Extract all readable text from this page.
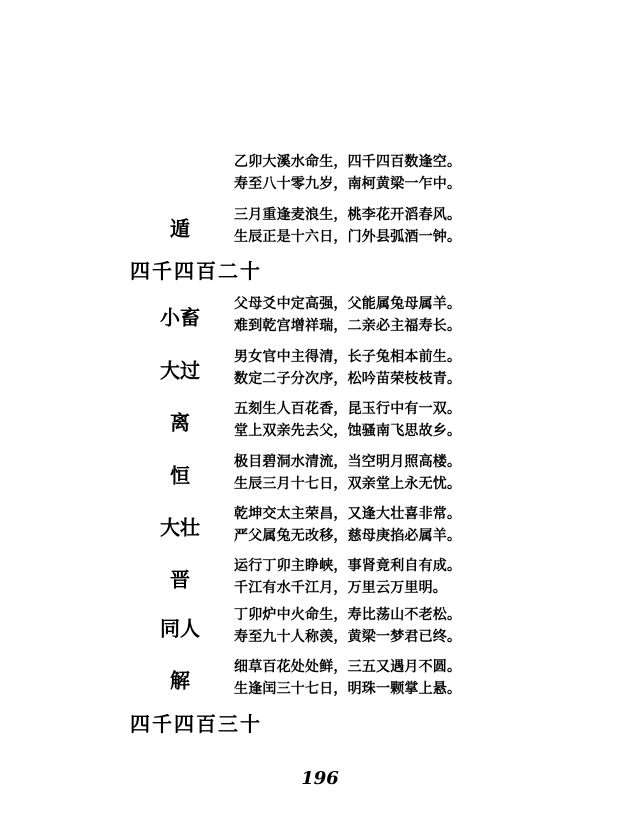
乙卯大溪水命生，四千四百数逢空。
寿至八十零九岁，南柯黄梁一乍中。
遁
三月重逢麦浪生，桃李花开滔春风。
生辰正是十六日，门外县弧酒一钟。
四千四百二十
小畜
父母爻中定高强，父能属兔母属羊。
难到乾宫增祥瑞，二亲必主福寿长。
大过
男女官中主得清，长子兔相本前生。
数定二子分次序，松吟苗荣枝枝青。
离
五刻生人百花香，昆玉行中有一双。
堂上双亲先去父，蚀骚南飞思故乡。
恒
极目碧洞水清流，当空明月照高楼。
生辰三月十七日，双亲堂上永无忧。
大壮
乾坤交太主荣昌，又逢大壮喜非常。
严父属兔无改移，慈母庚掐必属羊。
晋
运行丁卯主睁峡，事肾竟利自有成。
千江有水千江月，万里云万里明。
同人
丁卯炉中火命生，寿比荡山不老松。
寿至九十人称羡，黄梁一梦君已终。
解
细草百花处处鲜，三五又遇月不圆。
生逢闰三十七日，明珠一颗掌上悬。
四千四百三十
196
